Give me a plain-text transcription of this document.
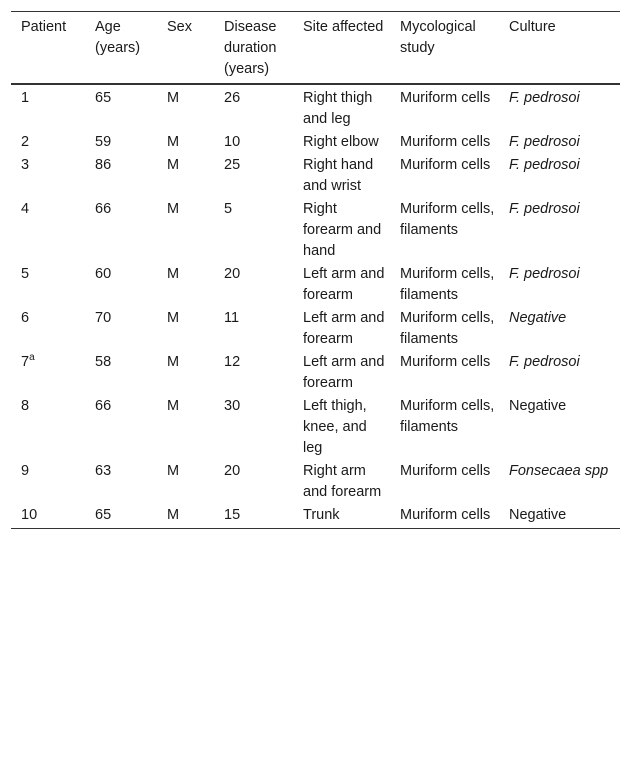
Patient	Age (years)	Sex	Disease duration (years)	Site affected	Mycological study	Culture
1	65	M	26	Right thigh and leg	Muriform cells	F. pedrosoi
2	59	M	10	Right elbow	Muriform cells	F. pedrosoi
3	86	M	25	Right hand and wrist	Muriform cells	F. pedrosoi
4	66	M	5	Right forearm and hand	Muriform cells, filaments	F. pedrosoi
5	60	M	20	Left arm and forearm	Muriform cells, filaments	F. pedrosoi
6	70	M	11	Left arm and forearm	Muriform cells, filaments	Negative
7$^a$	58	M	12	Left arm and forearm	Muriform cells	F. pedrosoi
8	66	M	30	Left thigh, knee, and leg	Muriform cells, filaments	Negative
9	63	M	20	Right arm and forearm	Muriform cells	Fonsecaea spp
10	65	M	15	Trunk	Muriform cells	Negative
